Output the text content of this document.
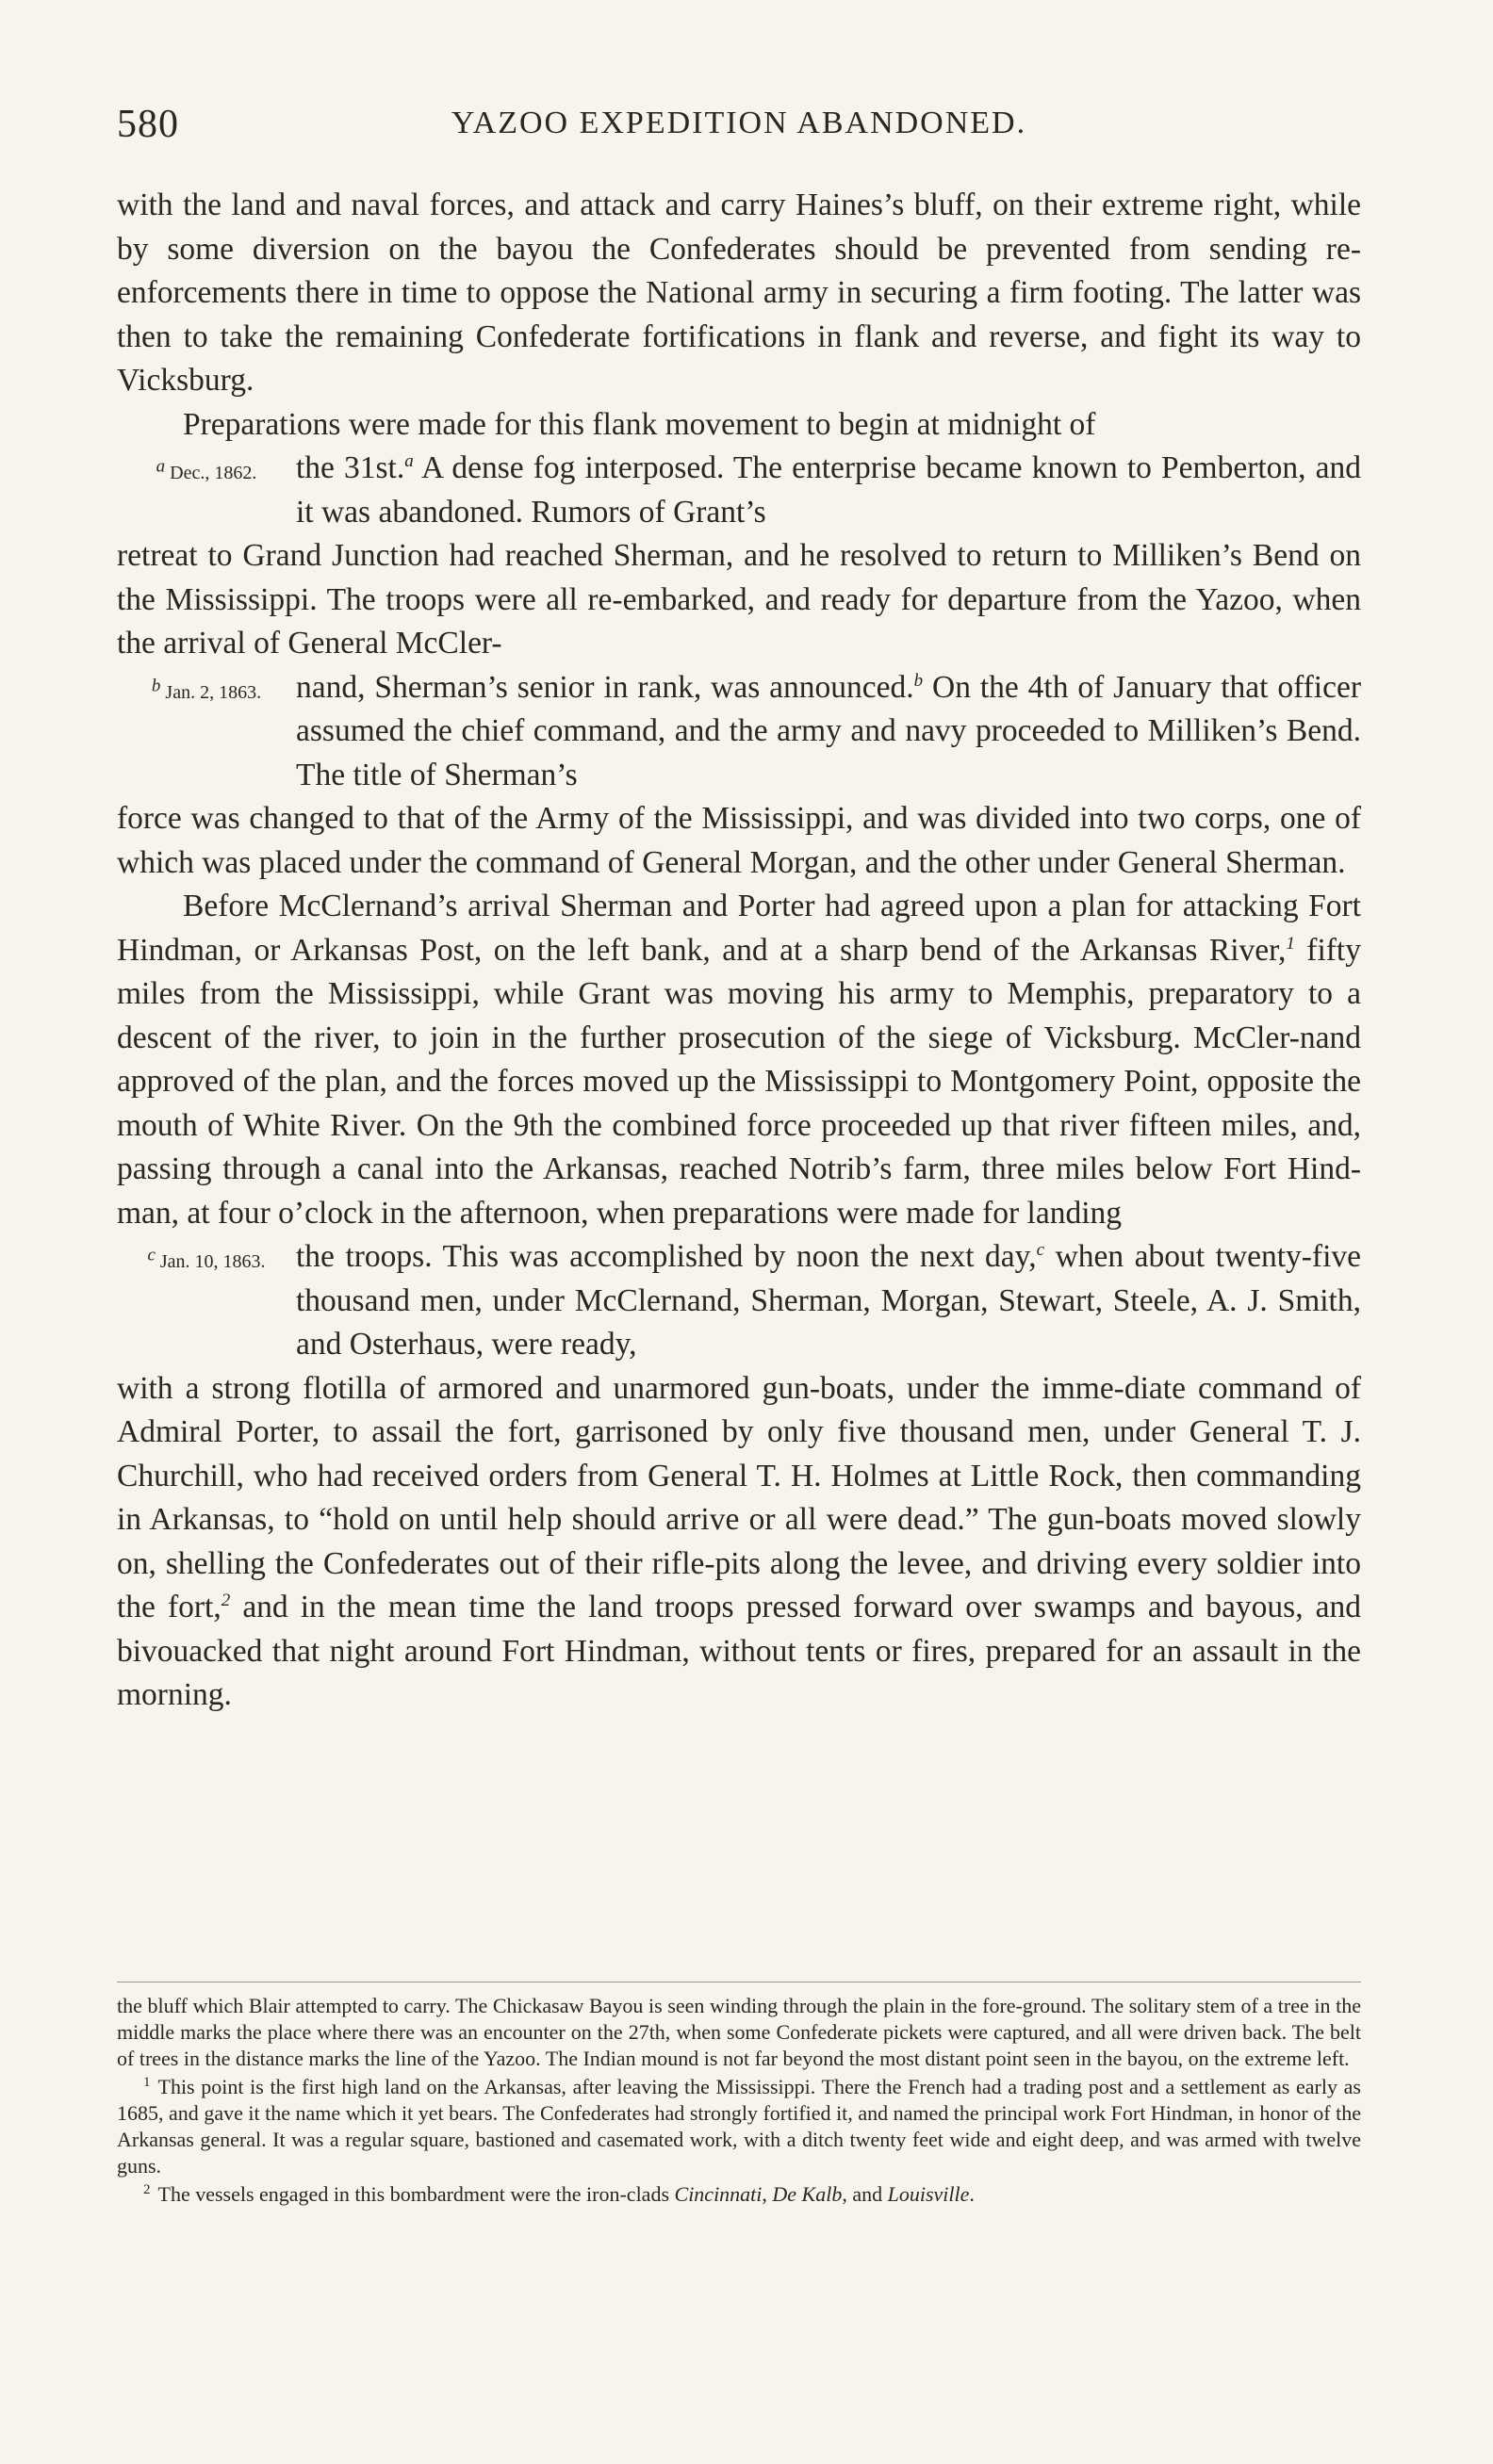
580	YAZOO EXPEDITION ABANDONED.

with the land and naval forces, and attack and carry Haines’s bluff, on their extreme right, while by some diversion on the bayou the Confederates should be prevented from sending re-enforcements there in time to oppose the National army in securing a firm footing. The latter was then to take the remaining Confederate fortifications in flank and reverse, and fight its way to Vicksburg.

Preparations were made for this flank movement to begin at midnight of

a Dec., 1862.	the 31st.$^a$ A dense fog interposed. The enterprise became known to Pemberton, and it was abandoned. Rumors of Grant’s

retreat to Grand Junction had reached Sherman, and he resolved to return to Milliken’s Bend on the Mississippi. The troops were all re-embarked, and ready for departure from the Yazoo, when the arrival of General McCler-

b Jan. 2, 1863.	nand, Sherman’s senior in rank, was announced.$^b$ On the 4th of January that officer assumed the chief command, and the army and navy proceeded to Milliken’s Bend. The title of Sherman’s

force was changed to that of the Army of the Mississippi, and was divided into two corps, one of which was placed under the command of General Morgan, and the other under General Sherman.

Before McClernand’s arrival Sherman and Porter had agreed upon a plan for attacking Fort Hindman, or Arkansas Post, on the left bank, and at a sharp bend of the Arkansas River,$^1$ fifty miles from the Mississippi, while Grant was moving his army to Memphis, preparatory to a descent of the river, to join in the further prosecution of the siege of Vicksburg. McCler-nand approved of the plan, and the forces moved up the Mississippi to Montgomery Point, opposite the mouth of White River. On the 9th the combined force proceeded up that river fifteen miles, and, passing through a canal into the Arkansas, reached Notrib’s farm, three miles below Fort Hind-man, at four o’clock in the afternoon, when preparations were made for landing

c Jan. 10, 1863. the troops. This was accomplished by noon the next day,$^c$ when about twenty-five thousand men, under McClernand, Sherman, Morgan, Stewart, Steele, A. J. Smith, and Osterhaus, were ready,

with a strong flotilla of armored and unarmored gun-boats, under the imme-diate command of Admiral Porter, to assail the fort, garrisoned by only five thousand men, under General T. J. Churchill, who had received orders from General T. H. Holmes at Little Rock, then commanding in Arkansas, to “hold on until help should arrive or all were dead.” The gun-boats moved slowly on, shelling the Confederates out of their rifle-pits along the levee, and driving every soldier into the fort,$^2$ and in the mean time the land troops pressed forward over swamps and bayous, and bivouacked that night around Fort Hindman, without tents or fires, prepared for an assault in the morning.

the bluff which Blair attempted to carry. The Chickasaw Bayou is seen winding through the plain in the fore-ground. The solitary stem of a tree in the middle marks the place where there was an encounter on the 27th, when some Confederate pickets were captured, and all were driven back. The belt of trees in the distance marks the line of the Yazoo. The Indian mound is not far beyond the most distant point seen in the bayou, on the extreme left.

$^1$ This point is the first high land on the Arkansas, after leaving the Mississippi. There the French had a trading post and a settlement as early as 1685, and gave it the name which it yet bears. The Confederates had strongly fortified it, and named the principal work Fort Hindman, in honor of the Arkansas general. It was a regular square, bastioned and casemated work, with a ditch twenty feet wide and eight deep, and was armed with twelve guns.

$^2$ The vessels engaged in this bombardment were the iron-clads Cincinnati, De Kalb, and Louisville.
